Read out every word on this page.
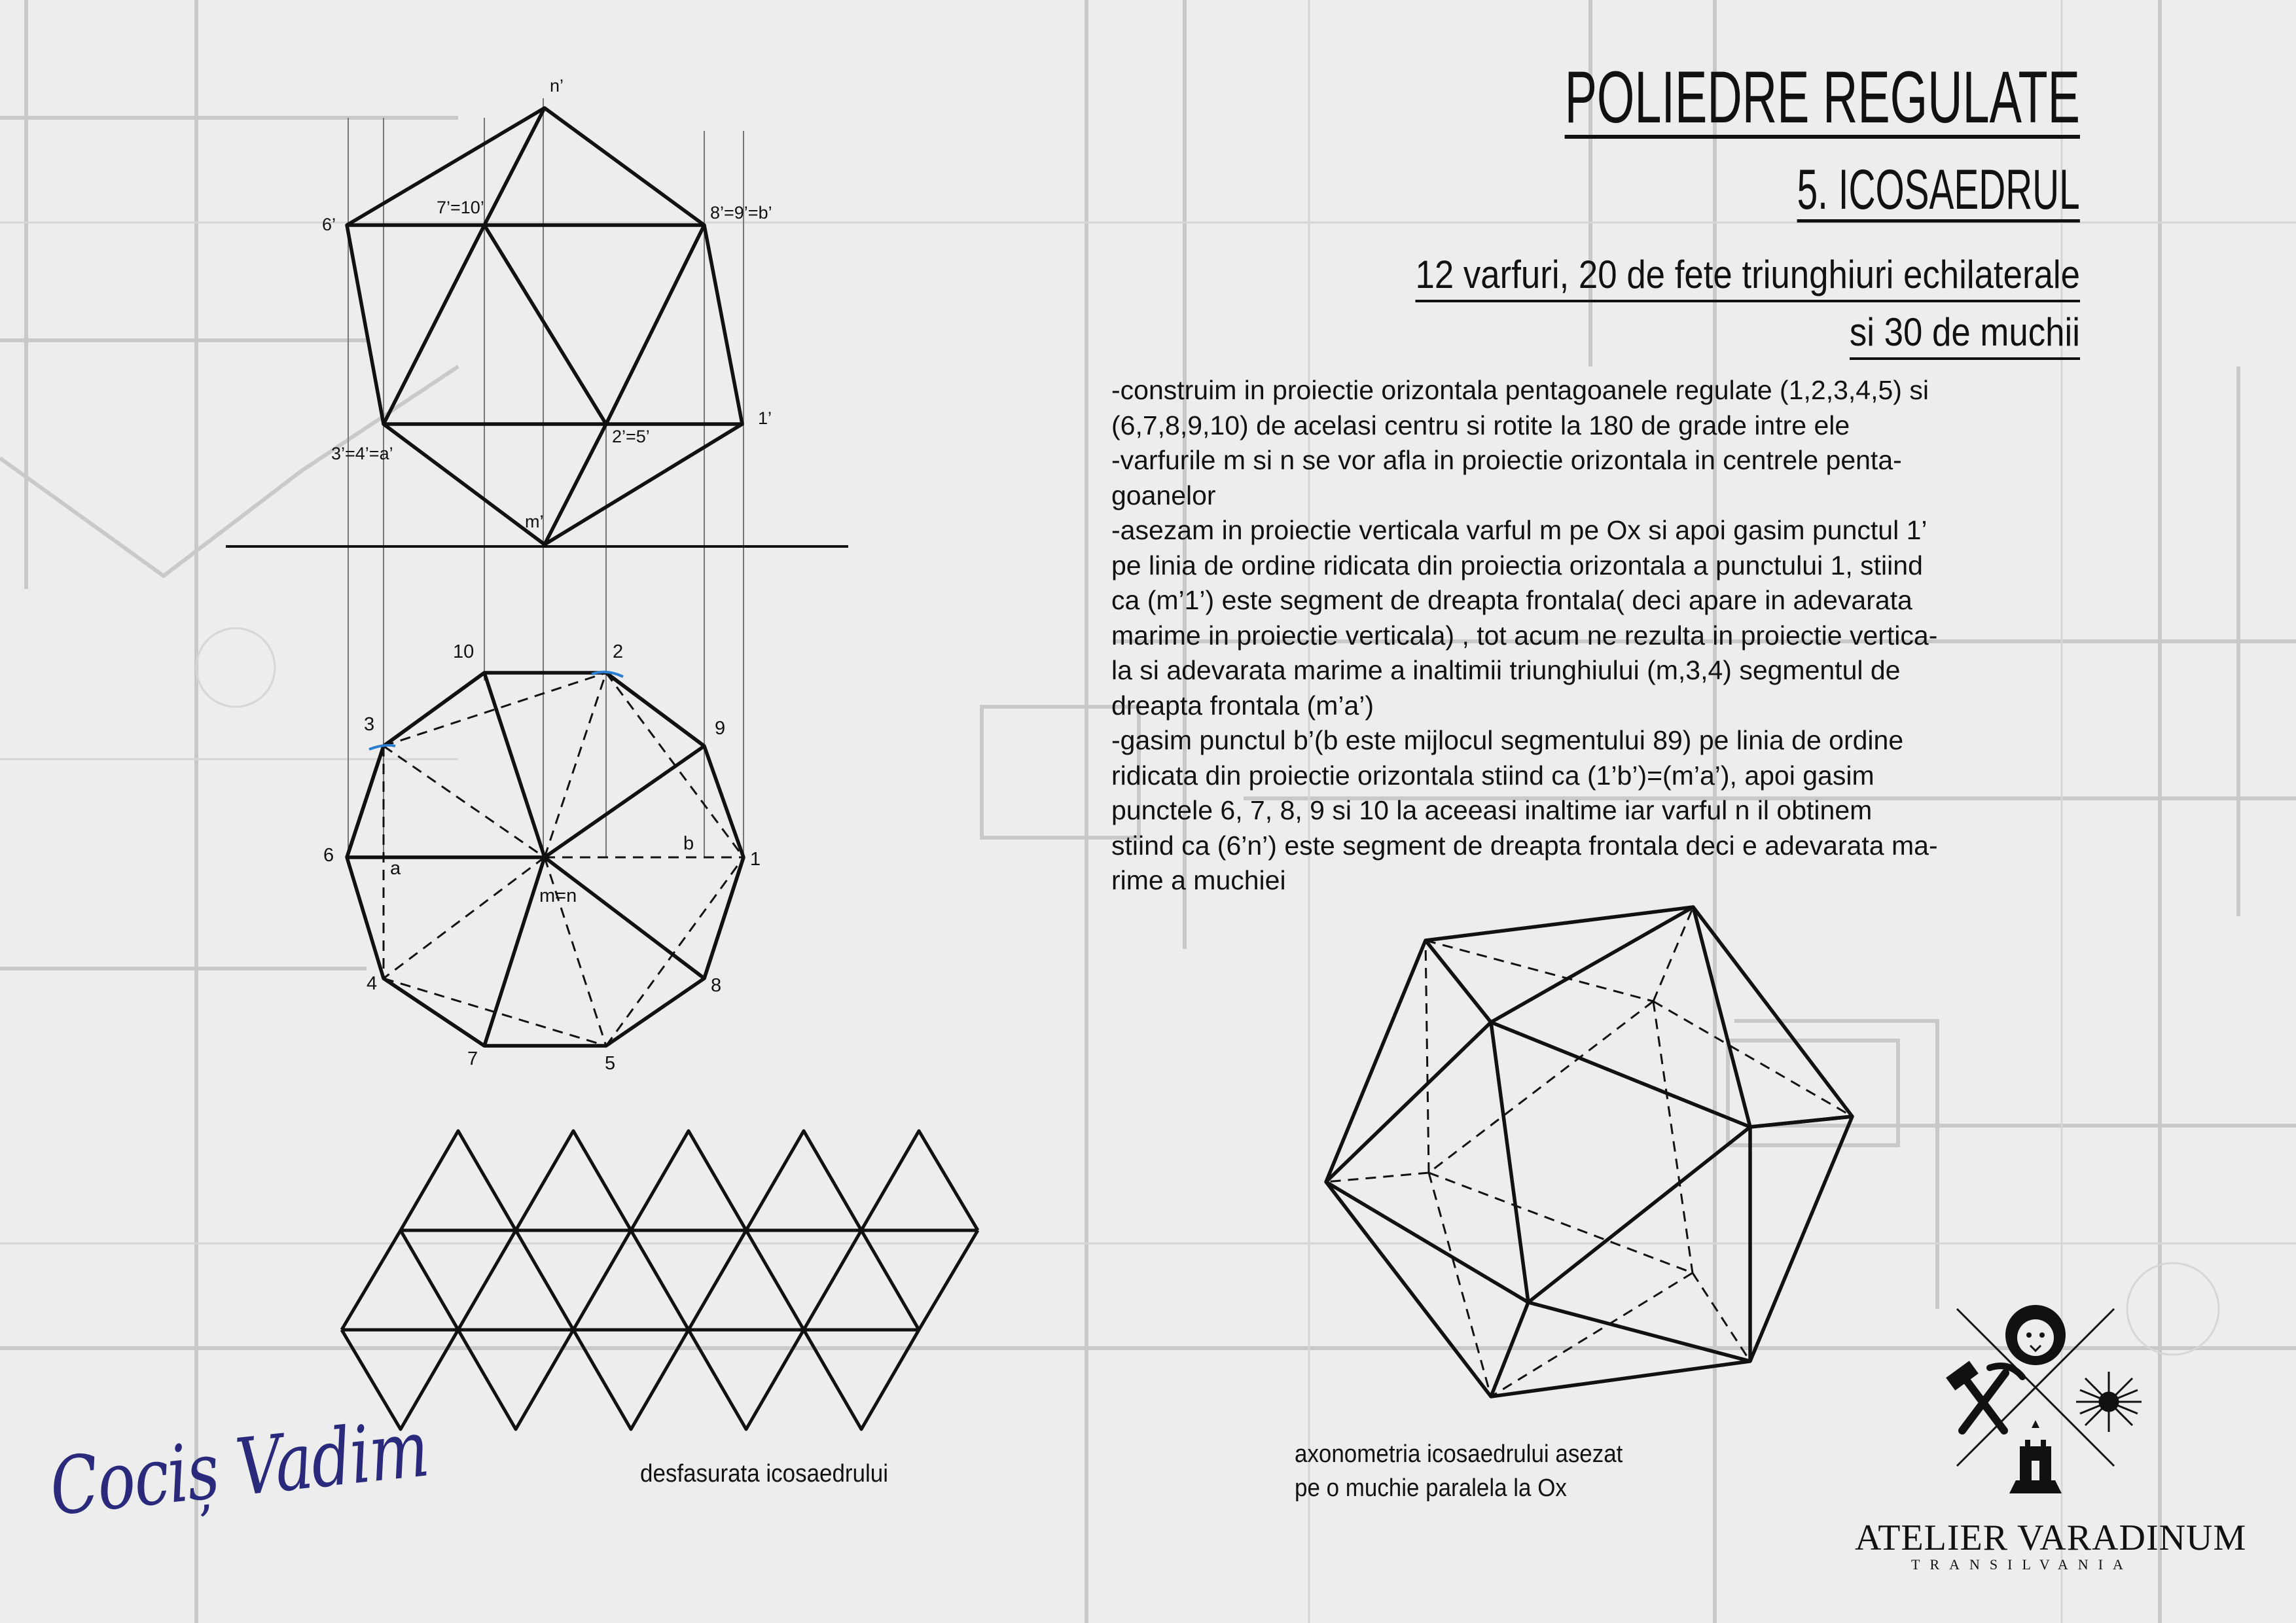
POLIEDRE REGULATE
5. ICOSAEDRUL
12 varfuri, 20 de fete triunghiuri echilaterale
si 30 de muchii
-construim in proiectie orizontala pentagoanele regulate (1,2,3,4,5) si
(6,7,8,9,10) de acelasi centru si rotite la 180 de grade intre ele
-varfurile m si n se vor afla in proiectie orizontala in centrele penta-
goanelor
-asezam in proiectie verticala varful m pe Ox si apoi gasim punctul 1’
pe linia de ordine ridicata din proiectia orizontala a punctului 1, stiind
ca (m’1’) este segment de dreapta frontala( deci apare in adevarata
marime in proiectie verticala) , tot acum ne rezulta in proiectie vertica-
la si adevarata marime a inaltimii triunghiului (m,3,4) segmentul de
dreapta frontala (m’a’)
-gasim punctul b’(b este mijlocul segmentului 89) pe linia de ordine
ridicata din proiectie orizontala stiind ca (1’b’)=(m’a’), apoi gasim
punctele 6, 7, 8, 9 si 10 la aceeasi inaltime iar varful n il obtinem
stiind ca (6’n’) este segment de dreapta frontala deci e adevarata ma-
rime a muchiei
n’
6’
7’=10’	8’=9’=b’
1’
3’=4’=a’
2’=5’
m’
10	2
3	9
6	1
a
b
m=n
4	8
7	5
desfasurata icosaedrului
axonometria icosaedrului asezat
pe o muchie paralela la Ox
Cociș Vadim
ATELIER VARADINUM
TRANSILVANIA
